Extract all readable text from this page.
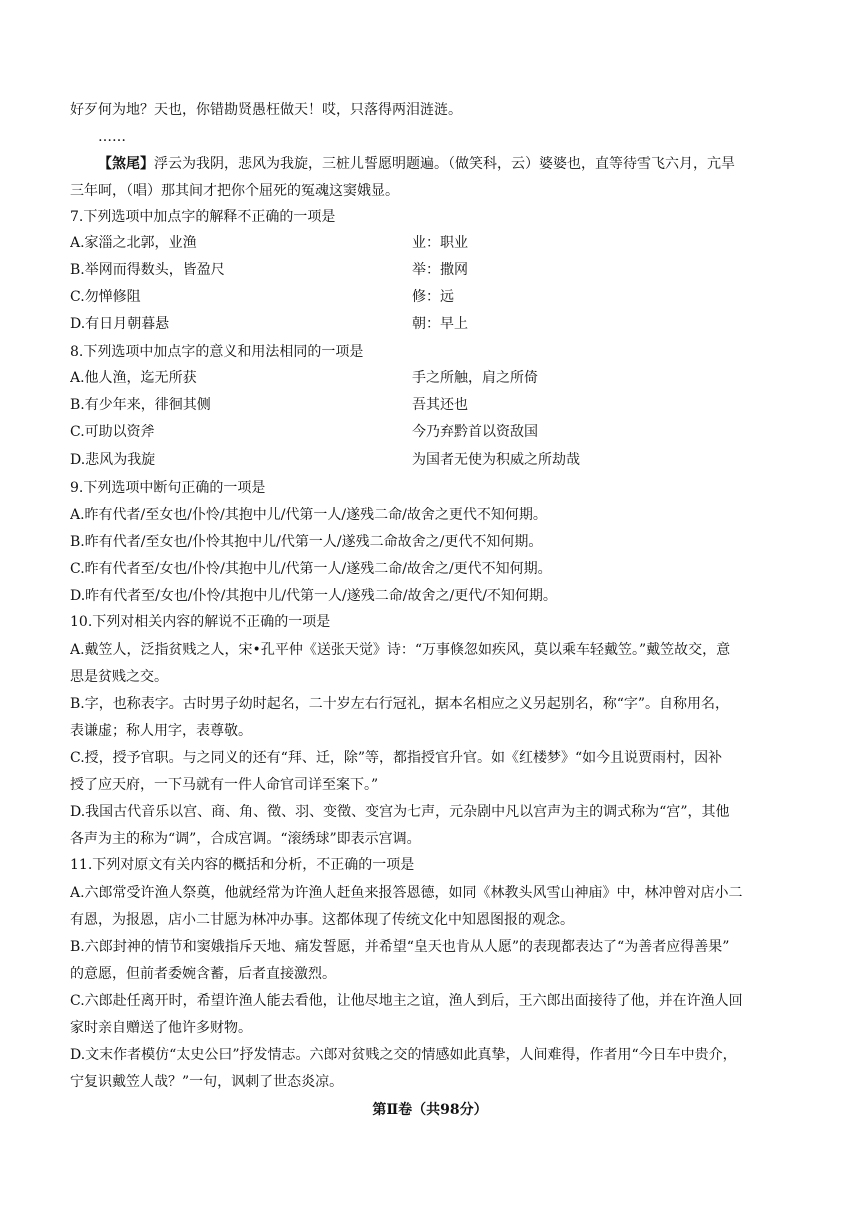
好歹何为地？天也，你错勘贤愚枉做天！哎，只落得两泪涟涟。
……
【煞尾】浮云为我阴，悲风为我旋，三桩儿誓愿明题遍。（做笑科，云）婆婆也，直等待雪飞六月，亢旱
三年呵，（唱）那其间才把你个屈死的冤魂这窦娥显。
7.下列选项中加点字的解释不正确的一项是
A.家淄之北郭，业渔	业：职业
B.举网而得数头，皆盈尺	举：撒网
C.勿惮修阻	修：远
D.有日月朝暮悬	朝：早上
8.下列选项中加点字的意义和用法相同的一项是
A.他人渔，迄无所获	手之所触，肩之所倚
B.有少年来，徘徊其侧	吾其还也
C.可助以资斧	今乃弃黔首以资敌国
D.悲风为我旋	为国者无使为积威之所劫哉
9.下列选项中断句正确的一项是
A.昨有代者/至女也/仆怜/其抱中儿/代第一人/遂残二命/故舍之更代不知何期。
B.昨有代者/至女也/仆怜其抱中儿/代第一人/遂残二命故舍之/更代不知何期。
C.昨有代者至/女也/仆怜/其抱中儿/代第一人/遂残二命/故舍之/更代不知何期。
D.昨有代者至/女也/仆怜/其抱中儿/代第一人/遂残二命/故舍之/更代/不知何期。
10.下列对相关内容的解说不正确的一项是
A.戴笠人，泛指贫贱之人，宋•孔平仲《送张天觉》诗：“万事倏忽如疾风，莫以乘车轻戴笠。”戴笠故交，意
思是贫贱之交。
B.字，也称表字。古时男子幼时起名，二十岁左右行冠礼，据本名相应之义另起别名，称“字”。自称用名，
表谦虚；称人用字，表尊敬。
C.授，授予官职。与之同义的还有“拜、迁，除”等，都指授官升官。如《红楼梦》“如今且说贾雨村，因补
授了应天府，一下马就有一件人命官司详至案下。”
D.我国古代音乐以宫、商、角、徵、羽、变徵、变宫为七声，元杂剧中凡以宫声为主的调式称为“宫”，其他
各声为主的称为“调”，合成宫调。“滚绣球”即表示宫调。
11.下列对原文有关内容的概括和分析，不正确的一项是
A.六郎常受许渔人祭奠，他就经常为许渔人赶鱼来报答恩德，如同《林教头风雪山神庙》中，林冲曾对店小二
有恩，为报恩，店小二甘愿为林冲办事。这都体现了传统文化中知恩图报的观念。
B.六郎封神的情节和窦娥指斥天地、痛发誓愿，并希望“皇天也肯从人愿”的表现都表达了“为善者应得善果”
的意愿，但前者委婉含蓄，后者直接激烈。
C.六郎赴任离开时，希望许渔人能去看他，让他尽地主之谊，渔人到后，王六郎出面接待了他，并在许渔人回
家时亲自赠送了他许多财物。
D.文末作者模仿“太史公曰”抒发情志。六郎对贫贱之交的情感如此真挚，人间难得，作者用“今日车中贵介，
宁复识戴笠人哉？”一句，讽刺了世态炎凉。
第Ⅱ卷（共98分）
